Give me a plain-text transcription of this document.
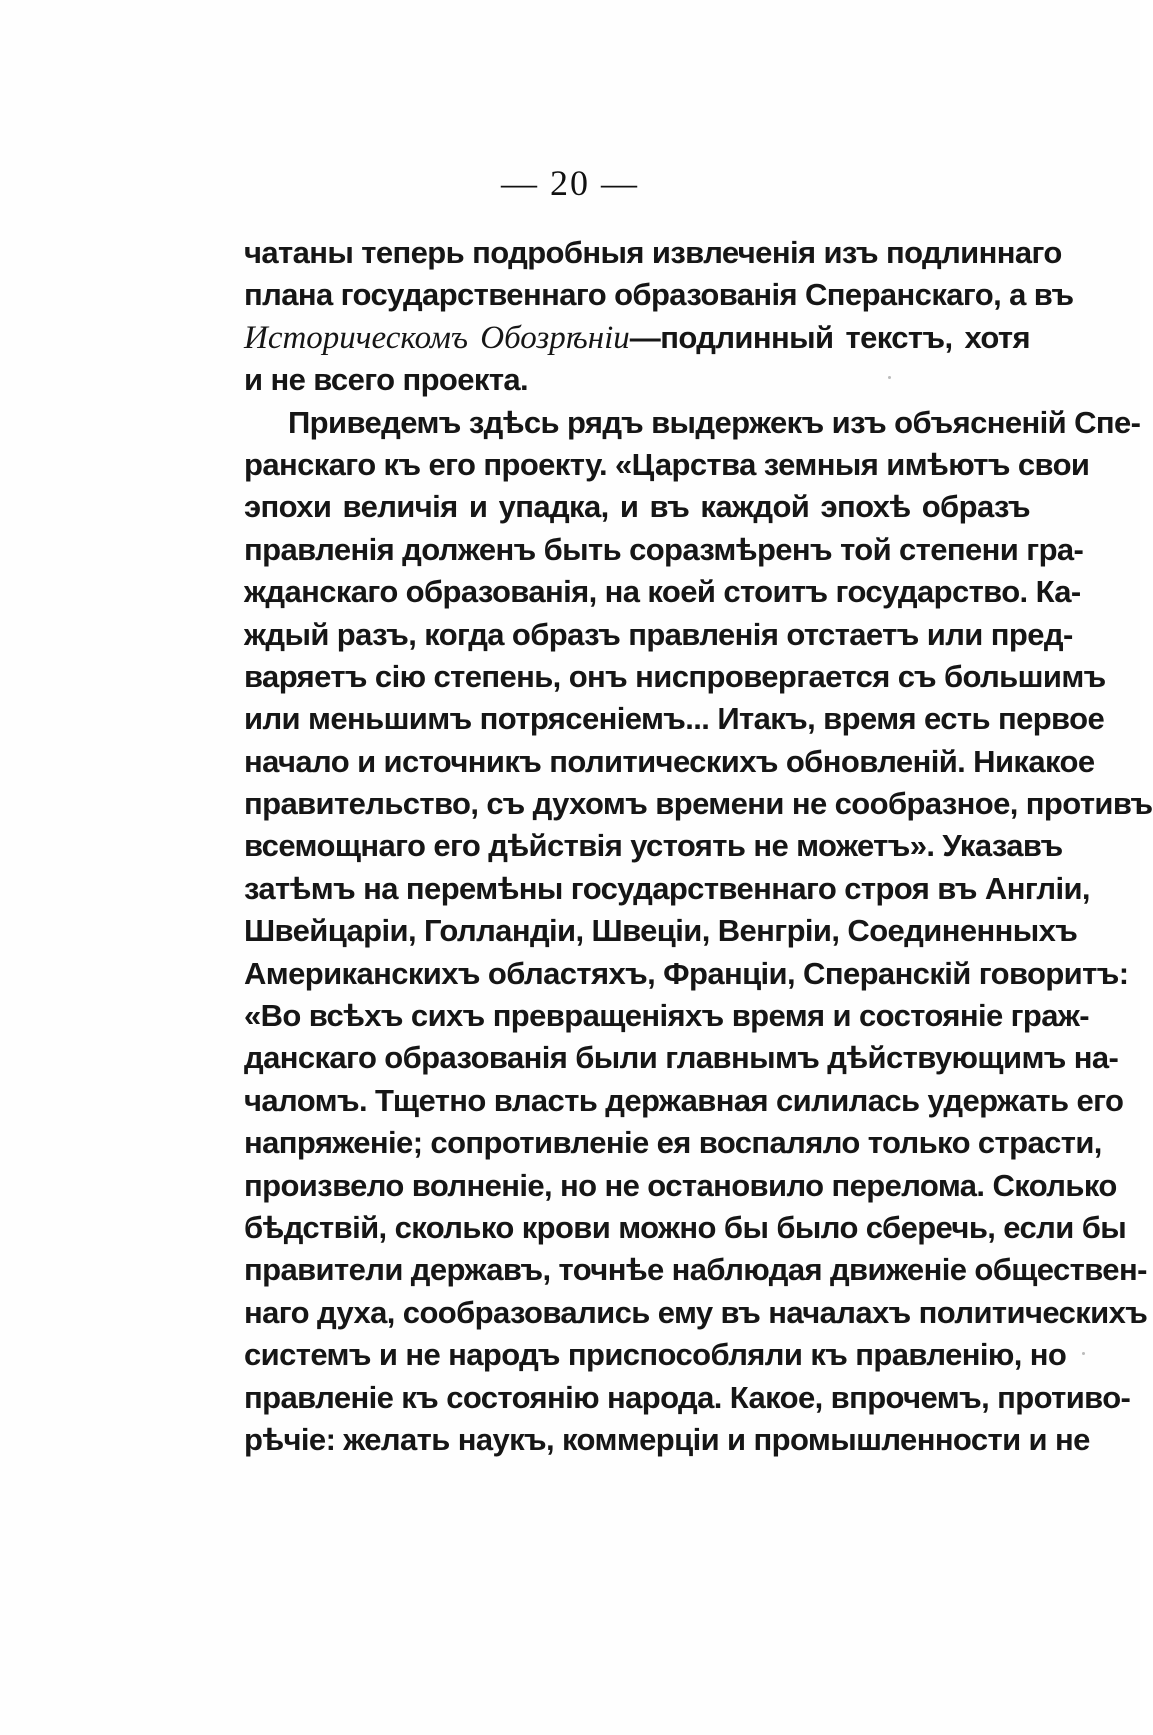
— 20 —
чатаны теперь подробныя извлеченія изъ подлиннаго
плана государственнаго образованія Сперанскаго, а въ
Историческомъ Обозрѣніи—подлинный текстъ, хотя
и не всего проекта.
Приведемъ здѣсь рядъ выдержекъ изъ объясненій Спе-
ранскаго къ его проекту. «Царства земныя имѣютъ свои
эпохи величія и упадка, и въ каждой эпохѣ образъ
правленія долженъ быть соразмѣренъ той степени гра-
жданскаго образованія, на коей стоитъ государство. Ка-
ждый разъ, когда образъ правленія отстаетъ или пред-
варяетъ сію степень, онъ ниспровергается съ большимъ
или меньшимъ потрясеніемъ... Итакъ, время есть первое
начало и источникъ политическихъ обновленій. Никакое
правительство, съ духомъ времени не сообразное, противъ
всемощнаго его дѣйствія устоять не можетъ». Указавъ
затѣмъ на перемѣны государственнаго строя въ Англіи,
Швейцаріи, Голландіи, Швеціи, Венгріи, Соединенныхъ
Американскихъ областяхъ, Франціи, Сперанскій говоритъ:
«Во всѣхъ сихъ превращеніяхъ время и состояніе граж-
данскаго образованія были главнымъ дѣйствующимъ на-
чаломъ. Тщетно власть державная силилась удержать его
напряженіе; сопротивленіе ея воспаляло только страсти,
произвело волненіе, но не остановило перелома. Сколько
бѣдствій, сколько крови можно бы было сберечь, если бы
правители державъ, точнѣе наблюдая движеніе обществен-
наго духа, сообразовались ему въ началахъ политическихъ
системъ и не народъ приспособляли къ правленію, но
правленіе къ состоянію народа. Какое, впрочемъ, противо-
рѣчіе: желать наукъ, коммерціи и промышленности и не
